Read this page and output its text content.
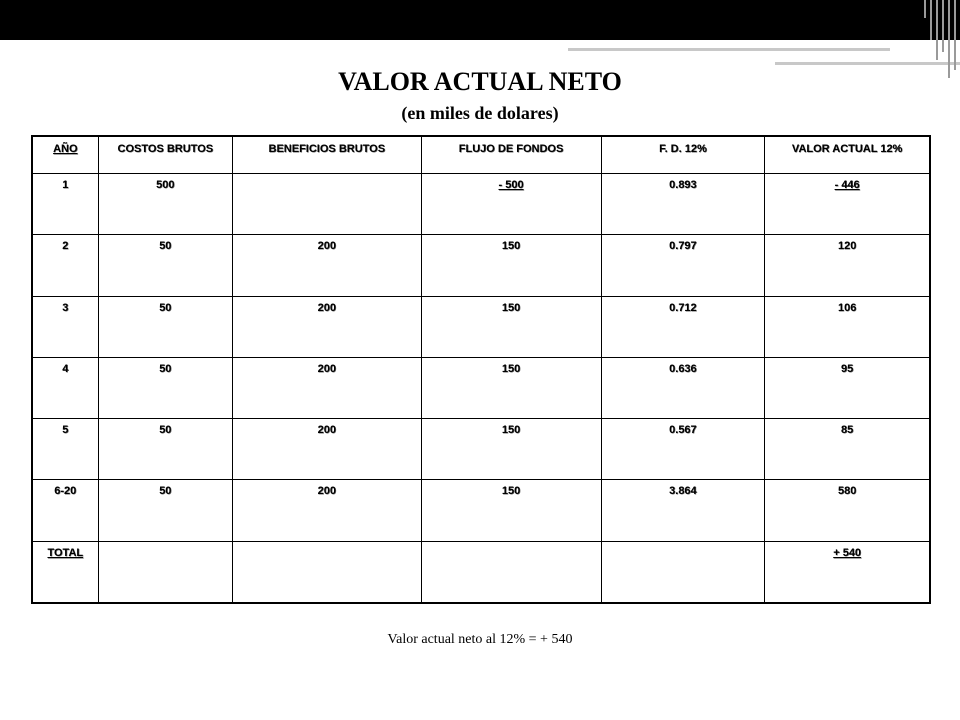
VALOR ACTUAL NETO
(en miles de dolares)
AÑO	COSTOS BRUTOS	BENEFICIOS BRUTOS	FLUJO DE FONDOS	F. D. 12%	VALOR ACTUAL 12%
1	500		- 500	0.893	- 446
2	50	200	150	0.797	120
3	50	200	150	0.712	106
4	50	200	150	0.636	95
5	50	200	150	0.567	85
6-20	50	200	150	3.864	580
TOTAL					+ 540
Valor actual neto al 12% = + 540
